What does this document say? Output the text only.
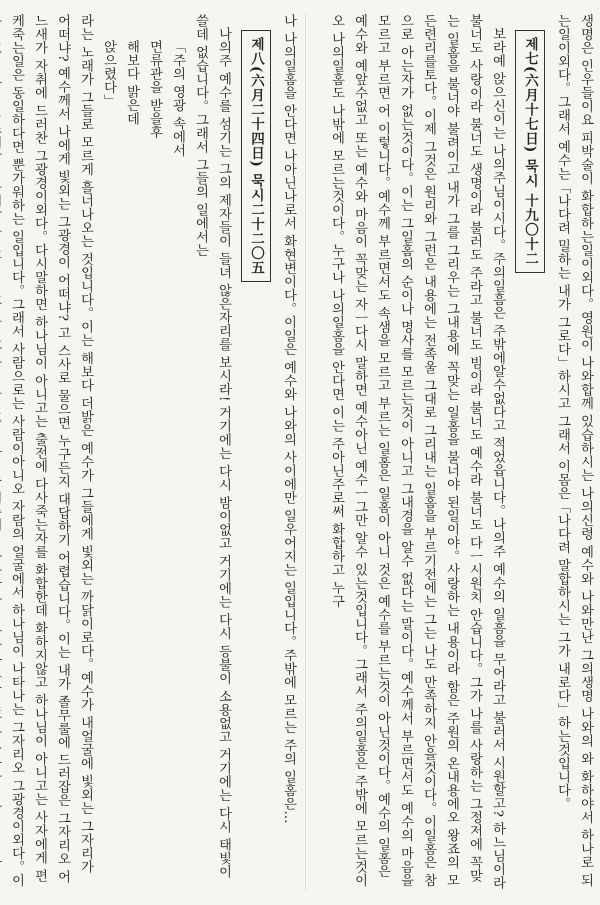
생명은 인우들이요 피박술이 화합하는일이외다。영원이 나와합께 있습하시는 나의신령 예수와 나와만난 그의생명 나와의 와 화하야서 하나로 되는일이외다。그래서 예수는「나다려 밀하는 내가 그로다」하시고 그래서 이몸은「나다려 말합하시는 그가 내로다」하는것입니다。

제七(六月十七日) 묵시 十九〇十二

보라예 앉으신이는 나의주님이시다。주의일흠은 주밖에알수없다고 적었읍니다。나의주 예수의 일흠을 무어라고 불러서 시원할고? 하느님이라 불너도 사랑이라 불너도 생명이라 불러도 주라고 불너도 빔이라 불너도 예수라 불너도 다ㅡ시원치 안습니다。그가 나를 사랑하는 그정저에 꼭맞는 일홈을 불너야 불려이고 내가 그를 그리우는 그내용에 꼭맞는 일홈을 불너야 된일이야。사랑하는 내용이라 함은 주원의 온내용에오 왕죠의 모든련리를토다。이제 그것은 원리와 그런은 내용에는 전족울 그대로 그리내는 일홈을 부르기전에는 그는 나도 만족하지 안을것이다。이일홈은 참으로 아는자가 없는것이다。이는 그일홈의 순이나 명사를 모르는것이 아니고 그내경을 알수 없다는 말이다。예수께서 부르면서도 예수의 마음을 모르고 부르면 어 이렇니다。예수께 부르면서도 속샘을 모르고 부르는 일홈은 일홈이 아니 것은 예수를 부르는것이 아닌것이다。예수의 일홈은 예수와 예앞수없고 또는 예수와 마음이 꼭맞는 자ㅡ다시 말하면 예수아닌 예수ㅡ그만 알수 있는것입니다。그래서 주의일홈은 주밖에 모르는것이오 나의일홈도 나밖에 모르는것이다。누구나 나의일홈을 안다면 이는 주아닌주로써 화합하고 누구

나 나의일홈을 안다면 나아닌나로서 화현변이다。이일은 예수와 나와의 사이에만 일우어지는 일입니다。주밖에 모르는 주의 일홈은…

제八(六月二十四日) 묵시二十二〇五

나의주 예수를 섬기는 그의 제자들이 들녀 않은자리를 보시라! 거기에는 다시 밤이없고 거기에는 다시 등불이 소용없고 거기에는 다시 태빛이 쓸데 없습니다。그래서 그들의 일에서는

「주의 영광 속에서

면류관을 받을후

해보다 밝은데

앉으렸다」

라는 노래가 그들로 모르게 흘너나오는 것입니다。이는 해보다 더밝은 예수가 그들에게 빛외는 까닭이로다。예수가 내얼굴에 빛외는 그자리가 어떠냐? 예수께서 나에게 빛외는 그광경이 어떠냐? 고 스사로 물으면 누구든지 대답하기 어렵습니다。이는 내가 졸무룰에 드러잡은 그자리오 어느새가 자취에 드러찬 그광경이외다。다시말하면 하나님이 아니고는 출전에 다사죽는자를 화합한데 화하지않고 하나님이 아니고는 사자에게 편케죽는일은 동일하다면 뿐가워하는 일입니다。그래서 사람으로는 사람이아니오 자람의 얼굴에서 하나님이 나타나는 그자리오 그광경이외다。이
